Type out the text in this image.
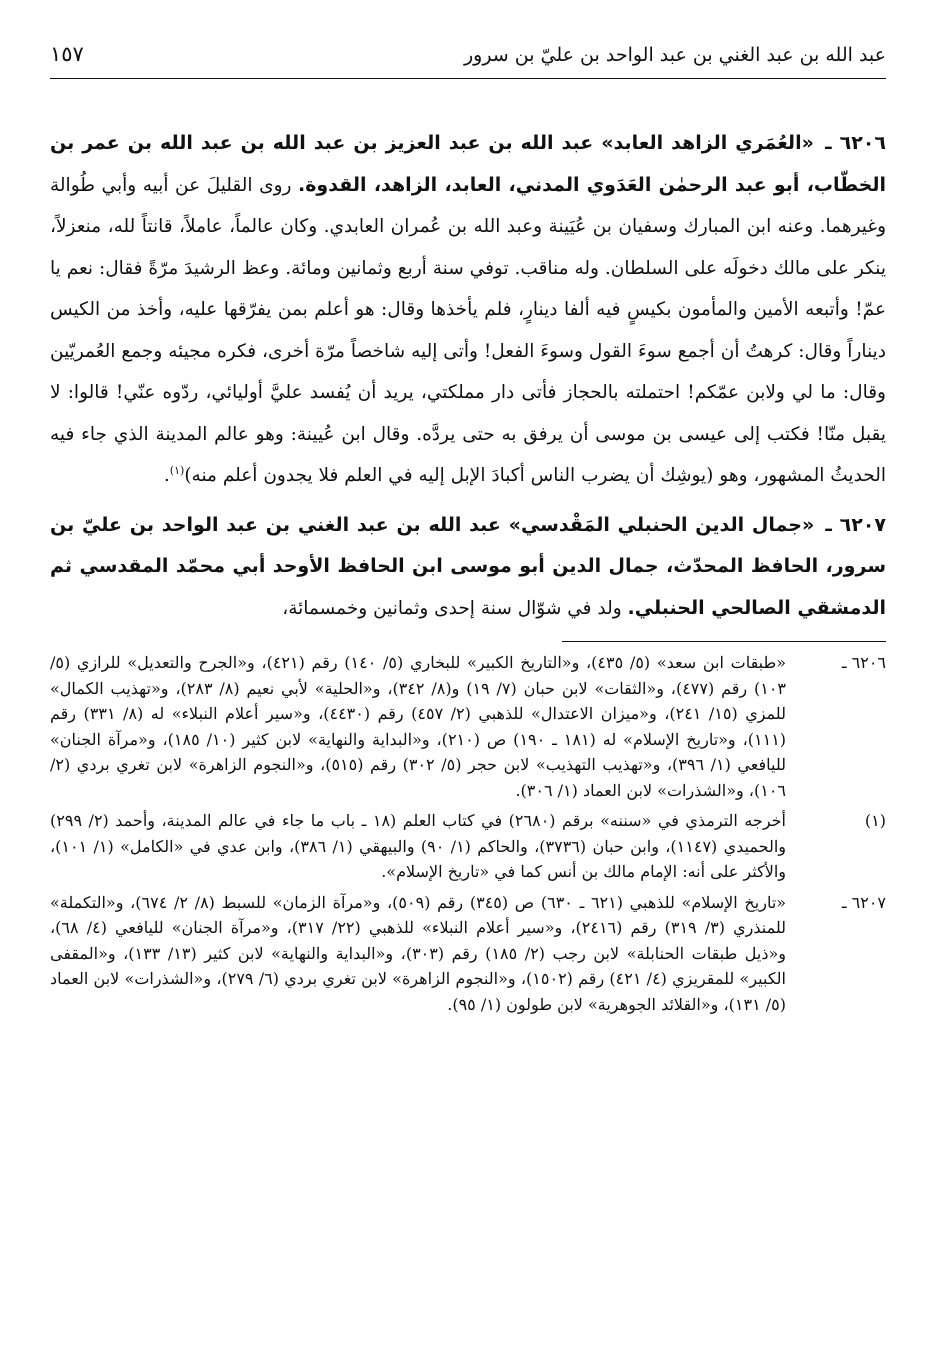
عبد الله بن عبد الغني بن عبد الواحد بن عليّ بن سرور
١٥٧

٦٢٠٦ ـ «العُمَري الزاهد العابد» عبد الله بن عبد العزيز بن عبد الله بن عبد الله بن عمر بن الخطّاب، أبو عبد الرحمٰن العَدَوي المدني، العابد، الزاهد، القدوة. روى القليلَ عن أبيه وأبي طُوالة وغيرهما. وعنه ابن المبارك وسفيان بن عُيَينة وعبد الله بن عُمران العابدي. وكان عالماً، عاملاً، قانتاً لله، منعزلاً، ينكر على مالك دخولَه على السلطان. وله مناقب. توفي سنة أربع وثمانين ومائة. وعظ الرشيدَ مرّةً فقال: نعم يا عمّ! وأتبعه الأمين والمأمون بكيسٍ فيه ألفا دينارٍ، فلم يأخذها وقال: هو أعلم بمن يفرّقها عليه، وأخذ من الكيس ديناراً وقال: كرهتُ أن أجمع سوءَ القول وسوءَ الفعل! وأتى إليه شاخصاً مرّة أخرى، فكره مجيئه وجمع العُمريّين وقال: ما لي ولابن عمّكم! احتملته بالحجاز فأتى دار مملكتي، يريد أن يُفسد عليَّ أوليائي، ردّوه عنّي! قالوا: لا يقبل منّا! فكتب إلى عيسى بن موسى أن يرفق به حتى يردَّه. وقال ابن عُيينة: وهو عالم المدينة الذي جاء فيه الحديثُ المشهور، وهو (يوشِك أن يضرب الناس أكبادَ الإبل إليه في العلم فلا يجدون أعلم منه)$^{(١)}$.

٦٢٠٧ ـ «جمال الدين الحنبلي المَقْدسي» عبد الله بن عبد الغني بن عبد الواحد بن عليّ بن سرور، الحافظ المحدّث، جمال الدين أبو موسى ابن الحافظ الأوحد أبي محمّد المقدسي ثم الدمشقي الصالحي الحنبلي. ولد في شوّال سنة إحدى وثمانين وخمسمائة،

٦٢٠٦ ـ
«طبقات ابن سعد» (٥/ ٤٣٥)، و«التاريخ الكبير» للبخاري (٥/ ١٤٠) رقم (٤٢١)، و«الجرح والتعديل» للرازي (٥/ ١٠٣) رقم (٤٧٧)، و«الثقات» لابن حبان (٧/ ١٩) و(٨/ ٣٤٢)، و«الحلية» لأبي نعيم (٨/ ٢٨٣)، و«تهذيب الكمال» للمزي (١٥/ ٢٤١)، و«ميزان الاعتدال» للذهبي (٢/ ٤٥٧) رقم (٤٤٣٠)، و«سير أعلام النبلاء» له (٨/ ٣٣١) رقم (١١١)، و«تاريخ الإسلام» له (١٨١ ـ ١٩٠) ص (٢١٠)، و«البداية والنهاية» لابن كثير (١٠/ ١٨٥)، و«مرآة الجنان» لليافعي (١/ ٣٩٦)، و«تهذيب التهذيب» لابن حجر (٥/ ٣٠٢) رقم (٥١٥)، و«النجوم الزاهرة» لابن تغري بردي (٢/ ١٠٦)، و«الشذرات» لابن العماد (١/ ٣٠٦).
(١)
أخرجه الترمذي في «سننه» برقم (٢٦٨٠) في كتاب العلم (١٨ ـ باب ما جاء في عالم المدينة، وأحمد (٢/ ٢٩٩) والحميدي (١١٤٧)، وابن حبان (٣٧٣٦)، والحاكم (١/ ٩٠) والبيهقي (١/ ٣٨٦)، وابن عدي في «الكامل» (١/ ١٠١)، والأكثر على أنه: الإمام مالك بن أنس كما في «تاريخ الإسلام».
٦٢٠٧ ـ
«تاريخ الإسلام» للذهبي (٦٢١ ـ ٦٣٠) ص (٣٤٥) رقم (٥٠٩)، و«مرآة الزمان» للسبط (٨/ ٢/ ٦٧٤)، و«التكملة» للمنذري (٣/ ٣١٩) رقم (٢٤١٦)، و«سير أعلام النبلاء» للذهبي (٢٢/ ٣١٧)، و«مرآة الجنان» لليافعي (٤/ ٦٨)، و«ذيل طبقات الحنابلة» لابن رجب (٢/ ١٨٥) رقم (٣٠٣)، و«البداية والنهاية» لابن كثير (١٣/ ١٣٣)، و«المقفى الكبير» للمقريزي (٤/ ٤٢١) رقم (١٥٠٢)، و«النجوم الزاهرة» لابن تغري بردي (٦/ ٢٧٩)، و«الشذرات» لابن العماد (٥/ ١٣١)، و«القلائد الجوهرية» لابن طولون (١/ ٩٥).
